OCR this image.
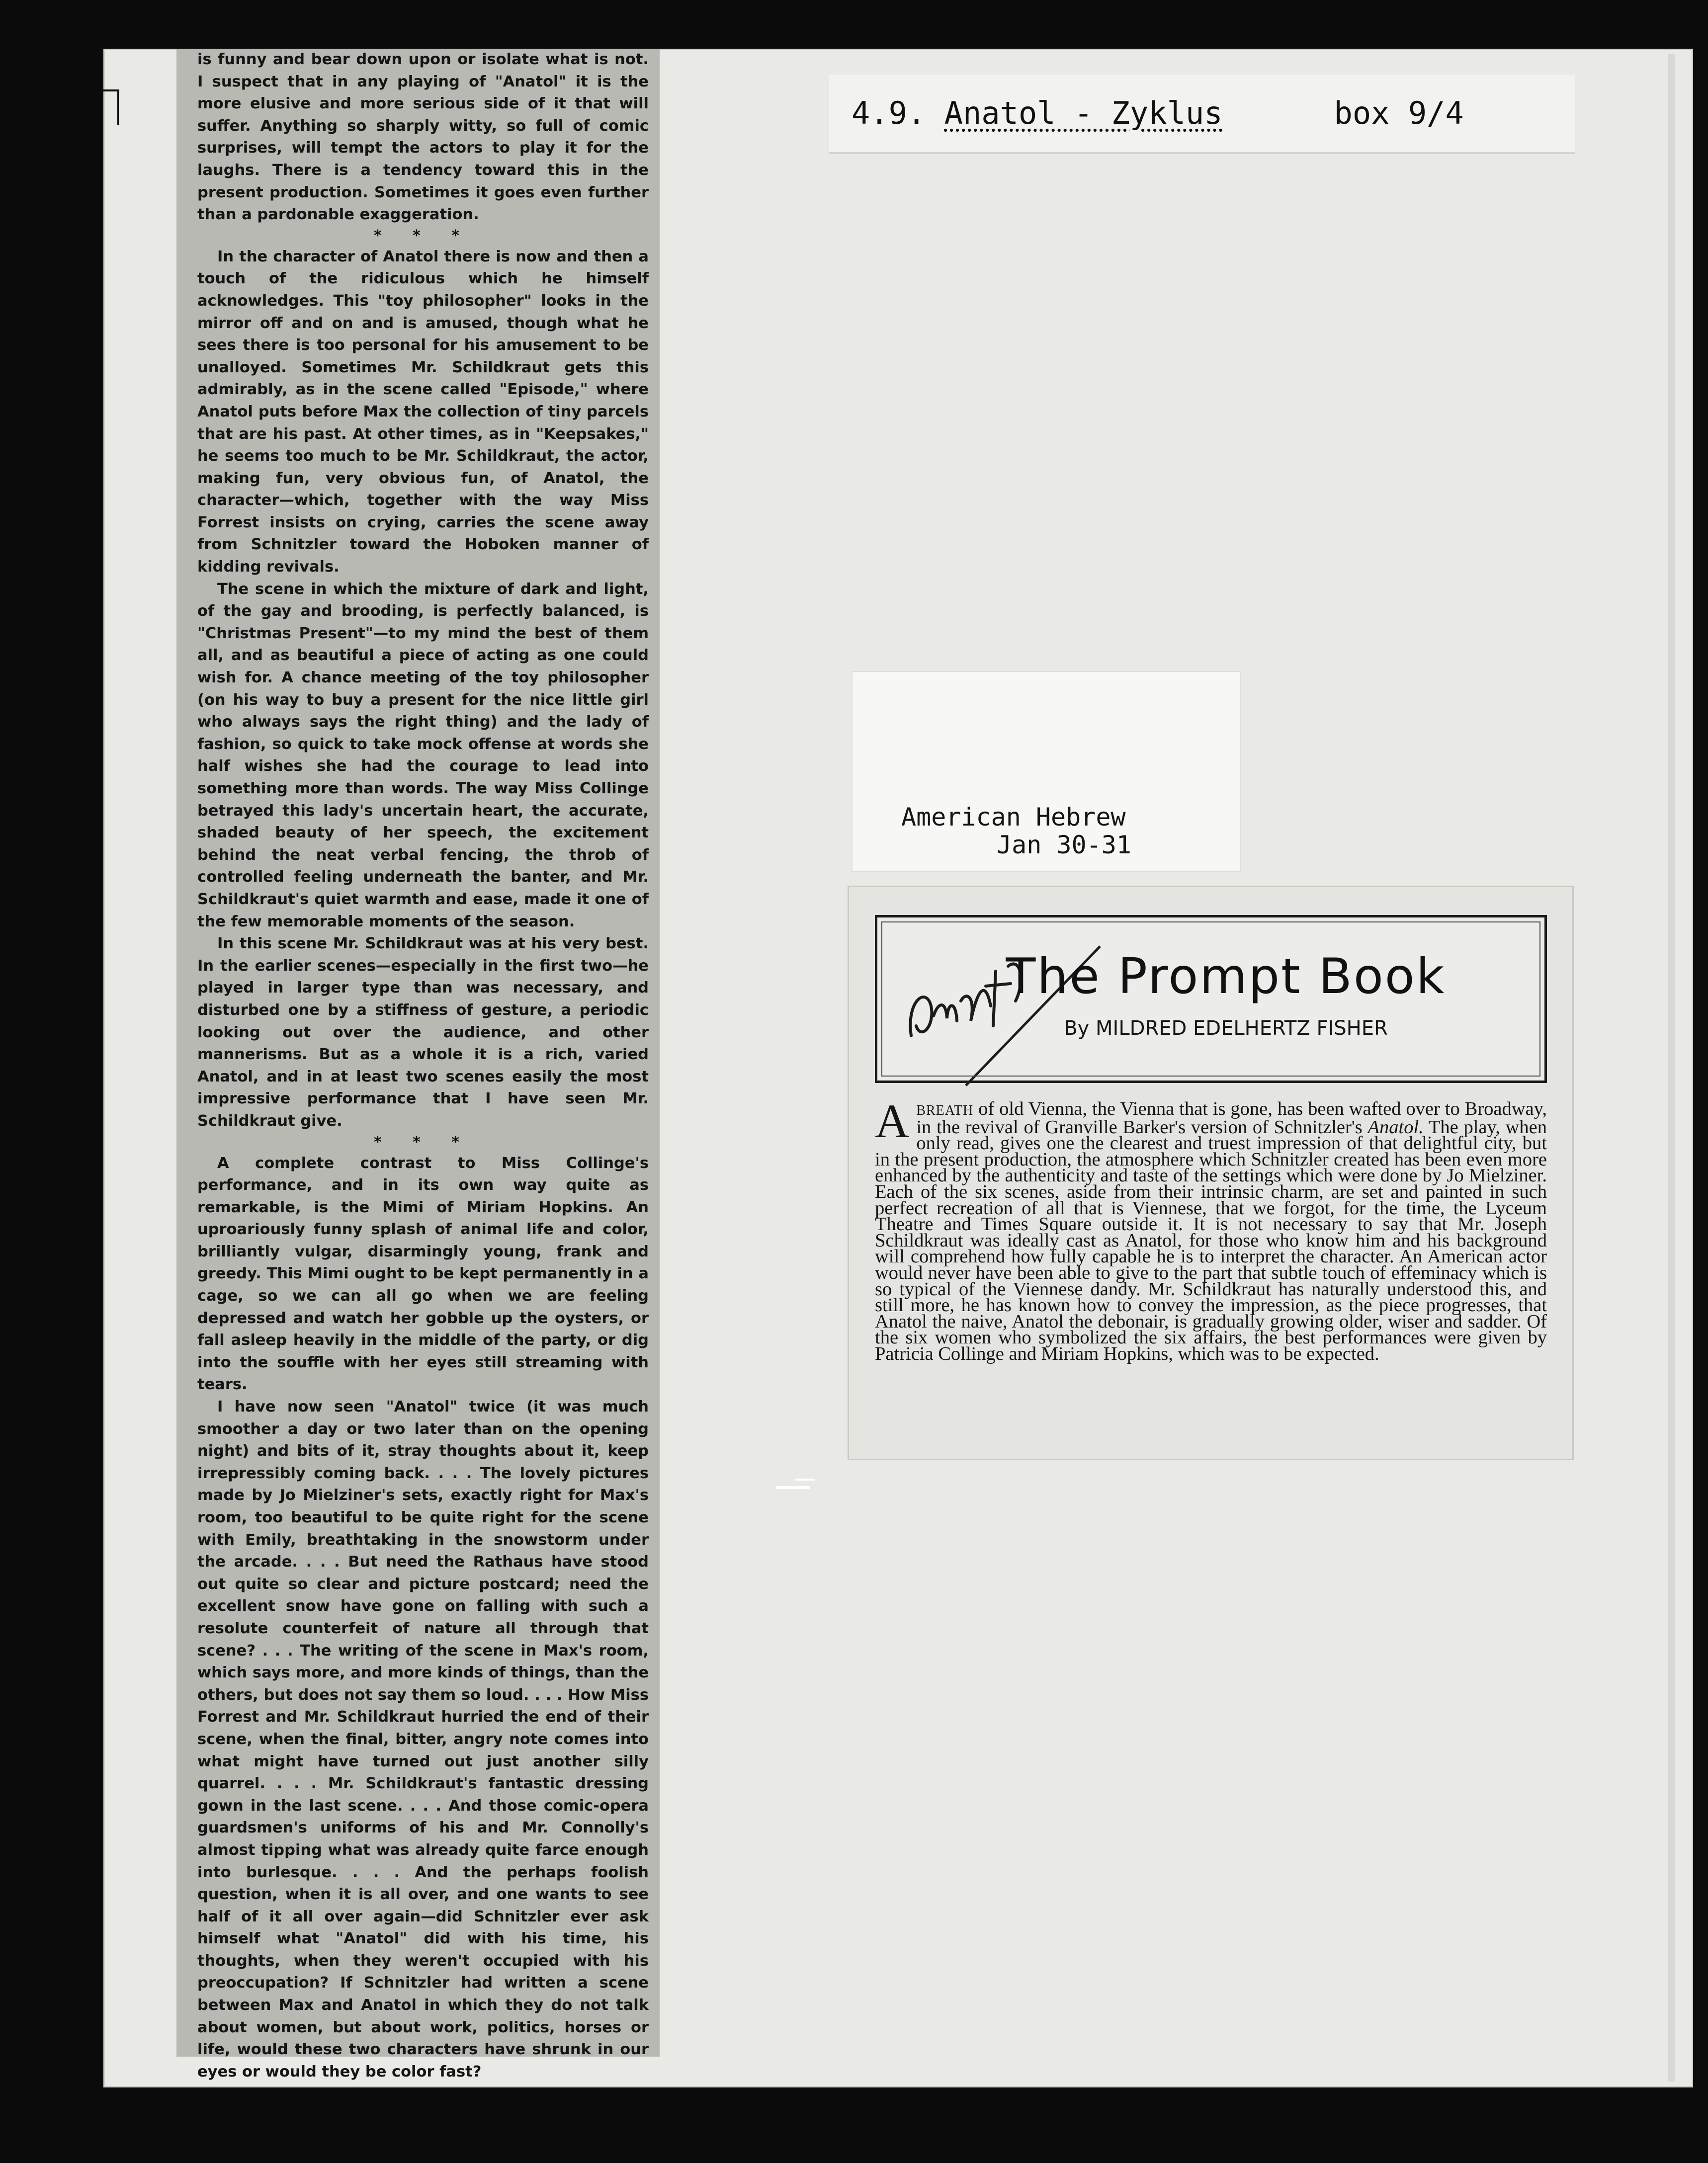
is funny and bear down upon or isolate what is not. I suspect that in any playing of "Anatol" it is the more elusive and more serious side of it that will suffer. Anything so sharply witty, so full of comic surprises, will tempt the actors to play it for the laughs. There is a tendency toward this in the present production. Sometimes it goes even further than a pardonable exaggeration.

* * *

In the character of Anatol there is now and then a touch of the ridiculous which he himself acknowledges. This "toy philosopher" looks in the mirror off and on and is amused, though what he sees there is too personal for his amusement to be unalloyed. Sometimes Mr. Schildkraut gets this admirably, as in the scene called "Episode," where Anatol puts before Max the collection of tiny parcels that are his past. At other times, as in "Keepsakes," he seems too much to be Mr. Schildkraut, the actor, making fun, very obvious fun, of Anatol, the character—which, together with the way Miss Forrest insists on crying, carries the scene away from Schnitzler toward the Hoboken manner of kidding revivals.

The scene in which the mixture of dark and light, of the gay and brooding, is perfectly balanced, is "Christmas Present"—to my mind the best of them all, and as beautiful a piece of acting as one could wish for. A chance meeting of the toy philosopher (on his way to buy a present for the nice little girl who always says the right thing) and the lady of fashion, so quick to take mock offense at words she half wishes she had the courage to lead into something more than words. The way Miss Collinge betrayed this lady's uncertain heart, the accurate, shaded beauty of her speech, the excitement behind the neat verbal fencing, the throb of controlled feeling underneath the banter, and Mr. Schildkraut's quiet warmth and ease, made it one of the few memorable moments of the season.

In this scene Mr. Schildkraut was at his very best. In the earlier scenes—especially in the first two—he played in larger type than was necessary, and disturbed one by a stiffness of gesture, a periodic looking out over the audience, and other mannerisms. But as a whole it is a rich, varied Anatol, and in at least two scenes easily the most impressive performance that I have seen Mr. Schildkraut give.

* * *

A complete contrast to Miss Collinge's performance, and in its own way quite as remarkable, is the Mimi of Miriam Hopkins. An uproariously funny splash of animal life and color, brilliantly vulgar, disarmingly young, frank and greedy. This Mimi ought to be kept permanently in a cage, so we can all go when we are feeling depressed and watch her gobble up the oysters, or fall asleep heavily in the middle of the party, or dig into the souffle with her eyes still streaming with tears.

I have now seen "Anatol" twice (it was much smoother a day or two later than on the opening night) and bits of it, stray thoughts about it, keep irrepressibly coming back. . . . The lovely pictures made by Jo Mielziner's sets, exactly right for Max's room, too beautiful to be quite right for the scene with Emily, breathtaking in the snowstorm under the arcade. . . . But need the Rathaus have stood out quite so clear and picture postcard; need the excellent snow have gone on falling with such a resolute counterfeit of nature all through that scene? . . . The writing of the scene in Max's room, which says more, and more kinds of things, than the others, but does not say them so loud. . . . How Miss Forrest and Mr. Schildkraut hurried the end of their scene, when the final, bitter, angry note comes into what might have turned out just another silly quarrel. . . . Mr. Schildkraut's fantastic dressing gown in the last scene. . . . And those comic-opera guardsmen's uniforms of his and Mr. Connolly's almost tipping what was already quite farce enough into burlesque. . . . And the perhaps foolish question, when it is all over, and one wants to see half of it all over again—did Schnitzler ever ask himself what "Anatol" did with his time, his thoughts, when they weren't occupied with his preoccupation? If Schnitzler had written a scene between Max and Anatol in which they do not talk about women, but about work, politics, horses or life, would these two characters have shrunk in our eyes or would they be color fast?

4.9. Anatol - Zyklus	box 9/4
American Hebrew
Jan 30-31
The Prompt Book
By MILDRED EDELHERTZ FISHER
ABREATH of old Vienna, the Vienna that is gone, has been wafted over to Broadway, in the revival of Granville Barker's version of Schnitzler's Anatol. The play, when only read, gives one the clearest and truest impression of that delightful city, but in the present production, the atmosphere which Schnitzler created has been even more enhanced by the authenticity and taste of the settings which were done by Jo Mielziner. Each of the six scenes, aside from their intrinsic charm, are set and painted in such perfect recreation of all that is Viennese, that we forgot, for the time, the Lyceum Theatre and Times Square outside it. It is not necessary to say that Mr. Joseph Schildkraut was ideally cast as Anatol, for those who know him and his background will comprehend how fully capable he is to interpret the character. An American actor would never have been able to give to the part that subtle touch of effeminacy which is so typical of the Viennese dandy. Mr. Schildkraut has naturally understood this, and still more, he has known how to convey the impression, as the piece progresses, that Anatol the naive, Anatol the debonair, is gradually growing older, wiser and sadder. Of the six women who symbolized the six affairs, the best performances were given by Patricia Collinge and Miriam Hopkins, which was to be expected.
